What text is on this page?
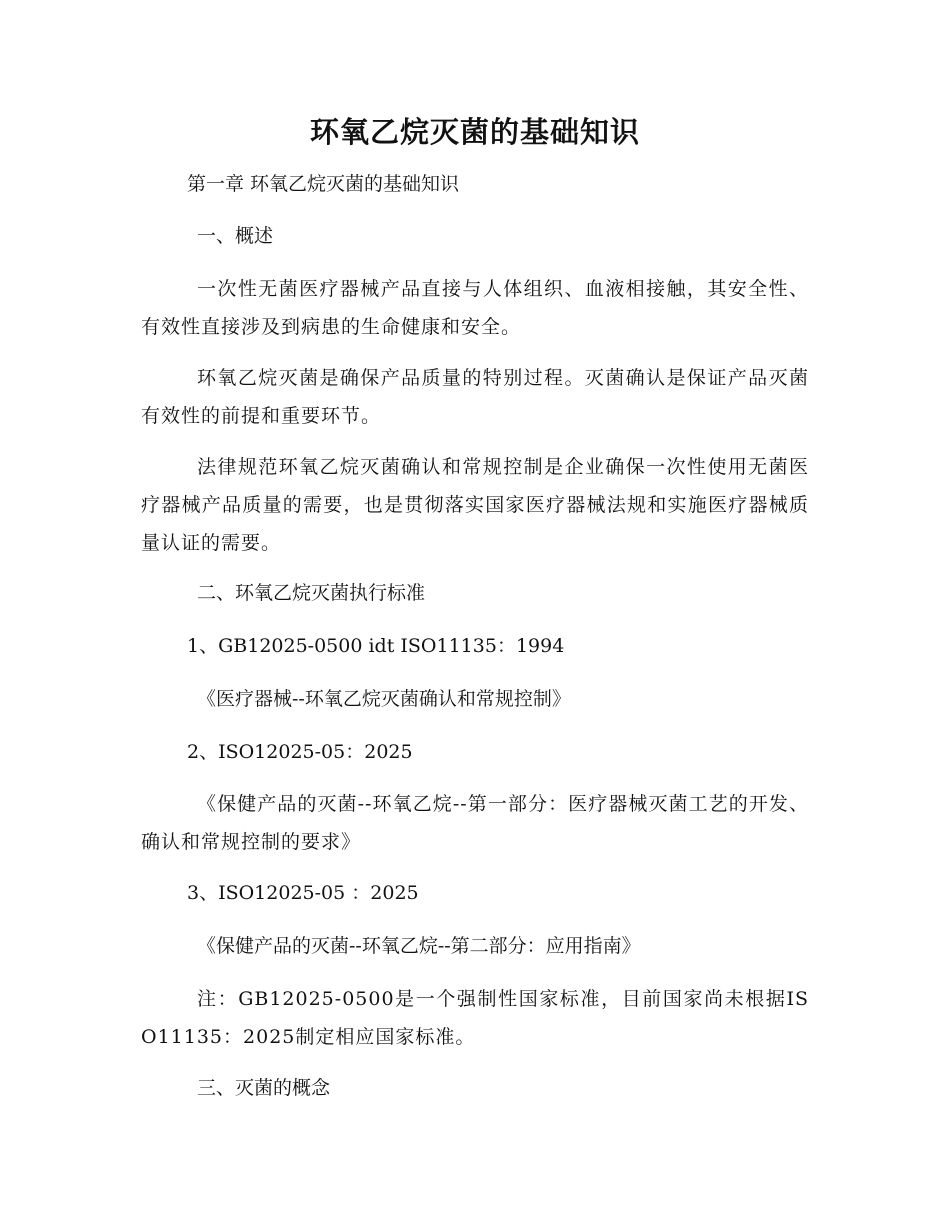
环氧乙烷灭菌的基础知识
第一章 环氧乙烷灭菌的基础知识
一、概述
一次性无菌医疗器械产品直接与人体组织、血液相接触，其安全性、有效性直接涉及到病患的生命健康和安全。
环氧乙烷灭菌是确保产品质量的特别过程。灭菌确认是保证产品灭菌有效性的前提和重要环节。
法律规范环氧乙烷灭菌确认和常规控制是企业确保一次性使用无菌医疗器械产品质量的需要，也是贯彻落实国家医疗器械法规和实施医疗器械质量认证的需要。
二、环氧乙烷灭菌执行标准
1、GB12025-0500 idt ISO11135：1994
《医疗器械--环氧乙烷灭菌确认和常规控制》
2、ISO12025-05：2025
《保健产品的灭菌--环氧乙烷--第一部分：医疗器械灭菌工艺的开发、确认和常规控制的要求》
3、ISO12025-05 ：2025
《保健产品的灭菌--环氧乙烷--第二部分：应用指南》
注：GB12025-0500是一个强制性国家标准，目前国家尚未根据ISO11135：2025制定相应国家标准。
三、灭菌的概念
